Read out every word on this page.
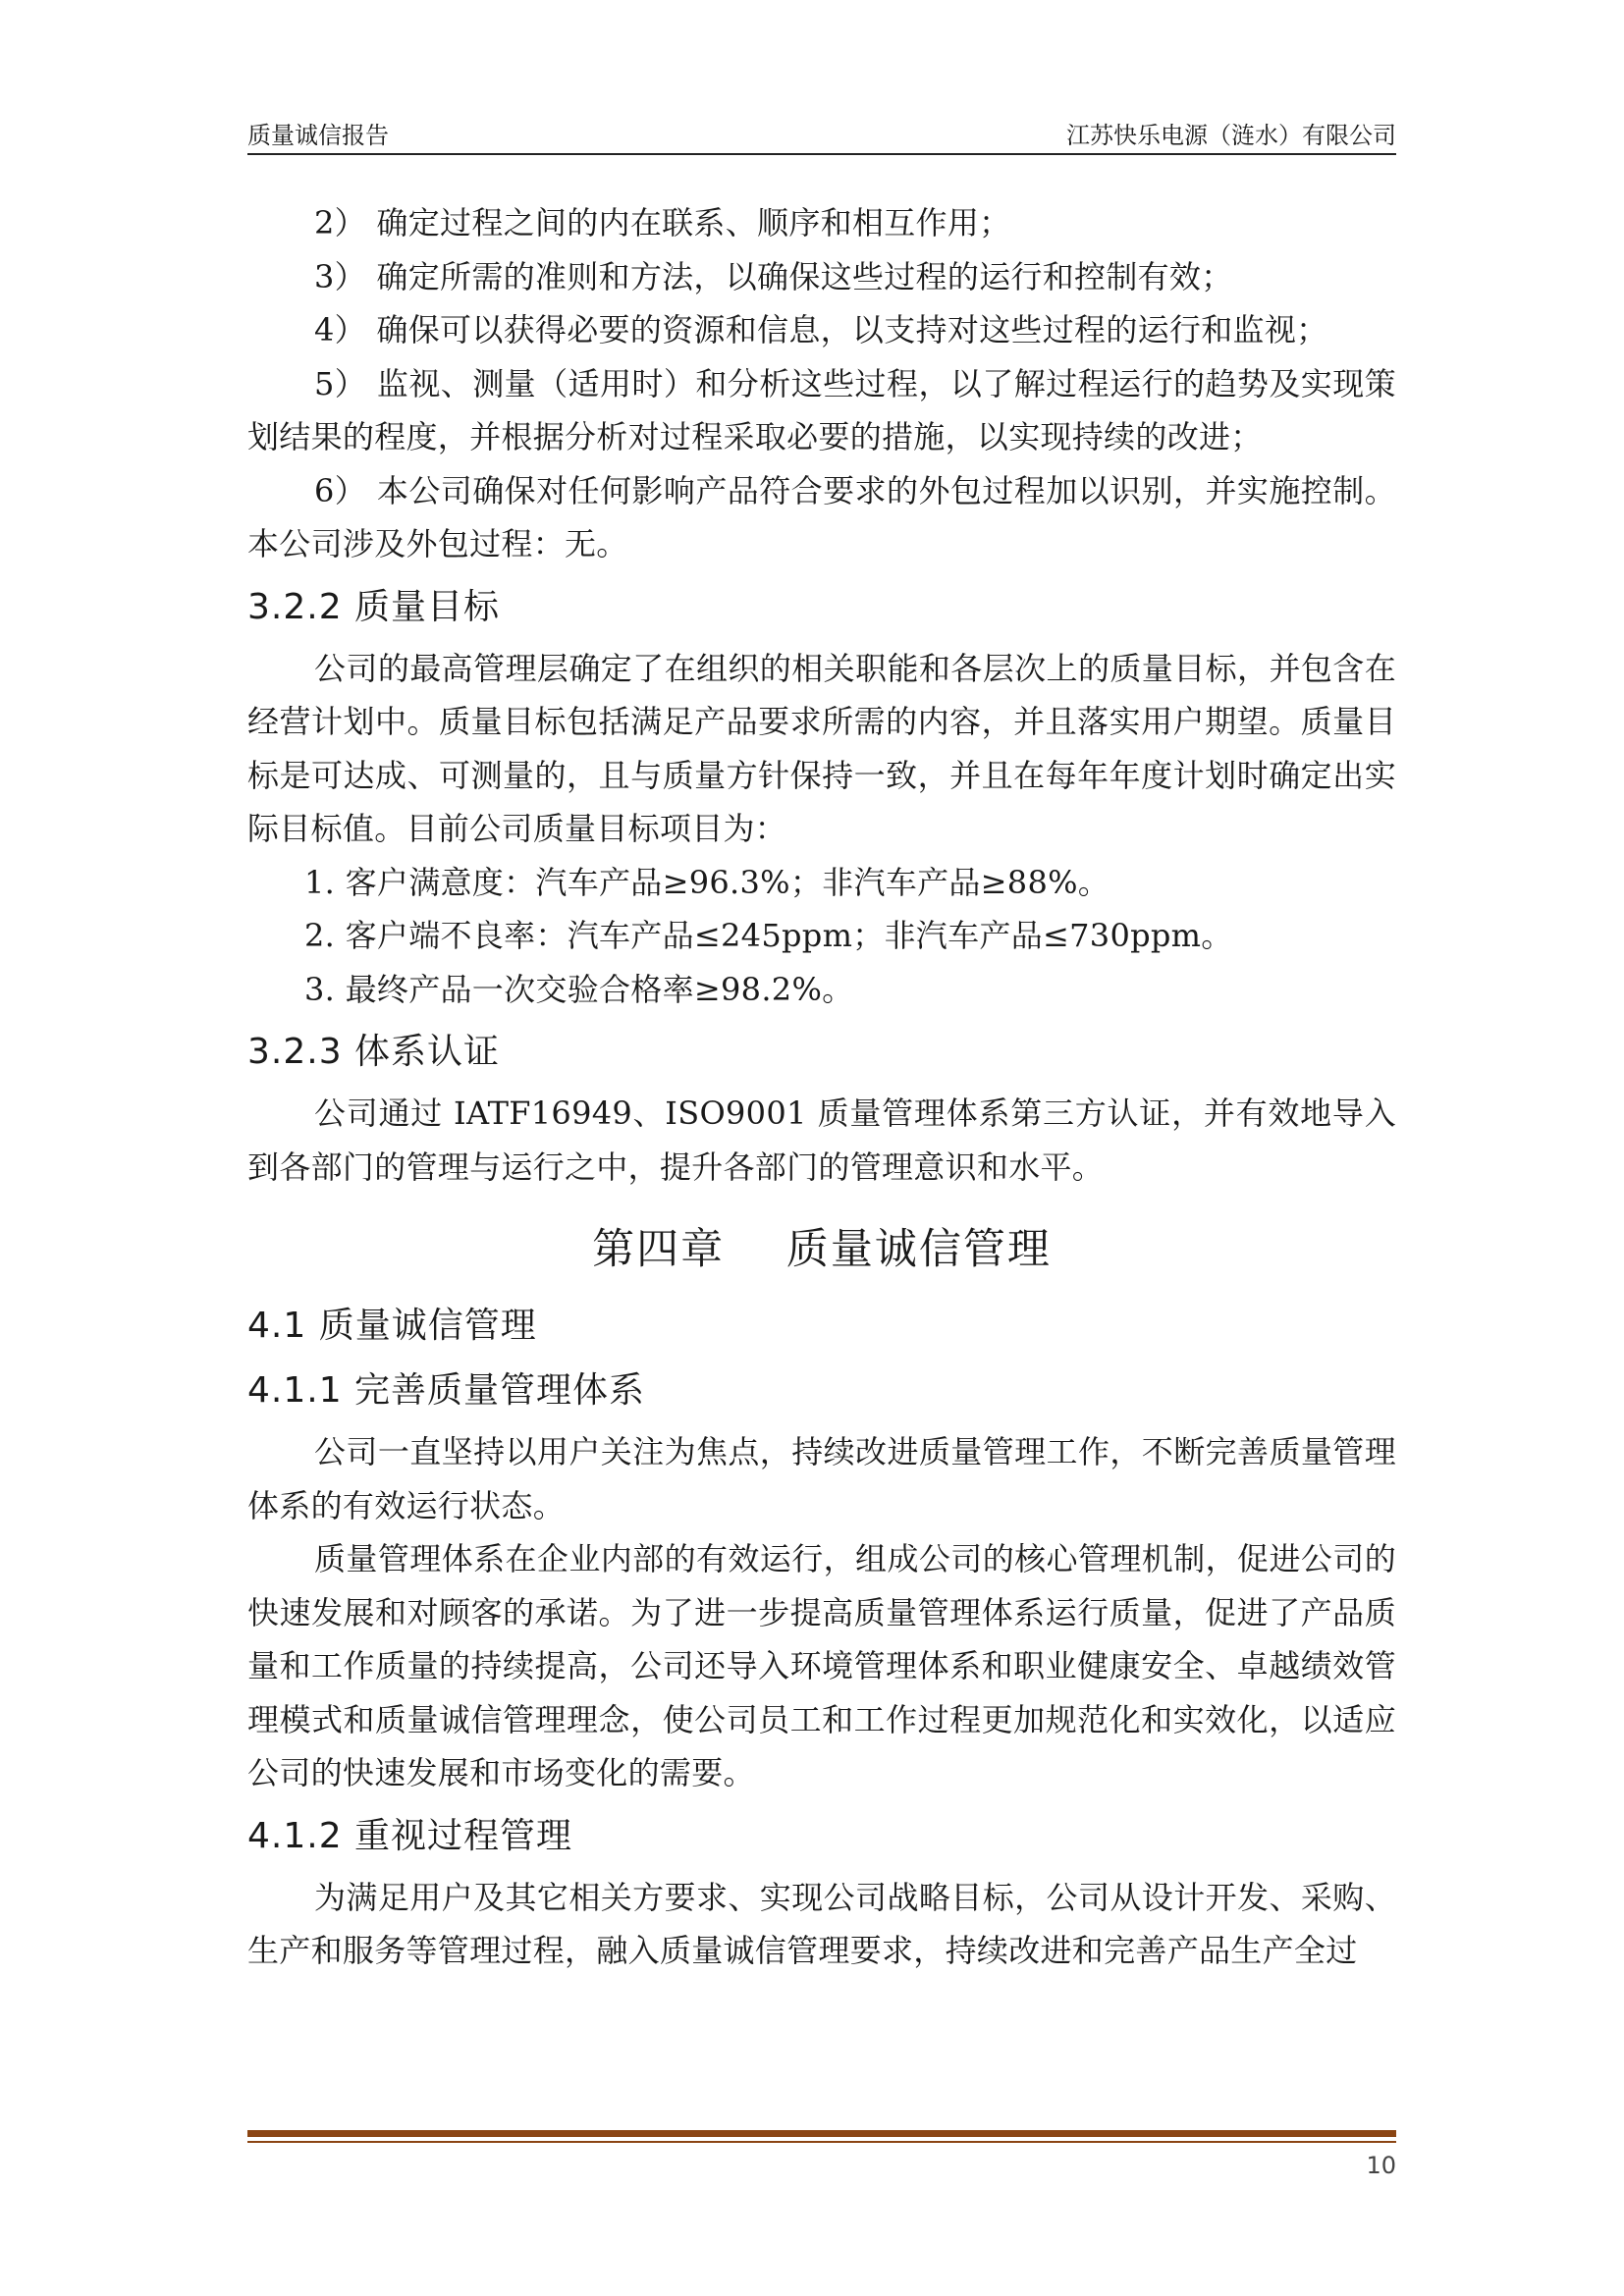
质量诚信报告	江苏快乐电源（涟水）有限公司

2） 确定过程之间的内在联系、顺序和相互作用；

3） 确定所需的准则和方法，以确保这些过程的运行和控制有效；

4） 确保可以获得必要的资源和信息，以支持对这些过程的运行和监视；

5） 监视、测量（适用时）和分析这些过程，以了解过程运行的趋势及实现策划结果的程度，并根据分析对过程采取必要的措施，以实现持续的改进；

6） 本公司确保对任何影响产品符合要求的外包过程加以识别，并实施控制。本公司涉及外包过程：无。

3.2.2 质量目标

公司的最高管理层确定了在组织的相关职能和各层次上的质量目标，并包含在经营计划中。质量目标包括满足产品要求所需的内容，并且落实用户期望。质量目标是可达成、可测量的，且与质量方针保持一致，并且在每年年度计划时确定出实际目标值。目前公司质量目标项目为：

1. 客户满意度：汽车产品≥96.3%；非汽车产品≥88%。

2. 客户端不良率：汽车产品≤245ppm；非汽车产品≤730ppm。

3. 最终产品一次交验合格率≥98.2%。

3.2.3 体系认证

公司通过 IATF16949、ISO9001 质量管理体系第三方认证，并有效地导入到各部门的管理与运行之中，提升各部门的管理意识和水平。

第四章    质量诚信管理
4.1 质量诚信管理
4.1.1 完善质量管理体系

公司一直坚持以用户关注为焦点，持续改进质量管理工作，不断完善质量管理体系的有效运行状态。

质量管理体系在企业内部的有效运行，组成公司的核心管理机制，促进公司的快速发展和对顾客的承诺。为了进一步提高质量管理体系运行质量，促进了产品质量和工作质量的持续提高，公司还导入环境管理体系和职业健康安全、卓越绩效管理模式和质量诚信管理理念，使公司员工和工作过程更加规范化和实效化，以适应公司的快速发展和市场变化的需要。

4.1.2 重视过程管理

为满足用户及其它相关方要求、实现公司战略目标，公司从设计开发、采购、生产和服务等管理过程，融入质量诚信管理要求，持续改进和完善产品生产全过

10
